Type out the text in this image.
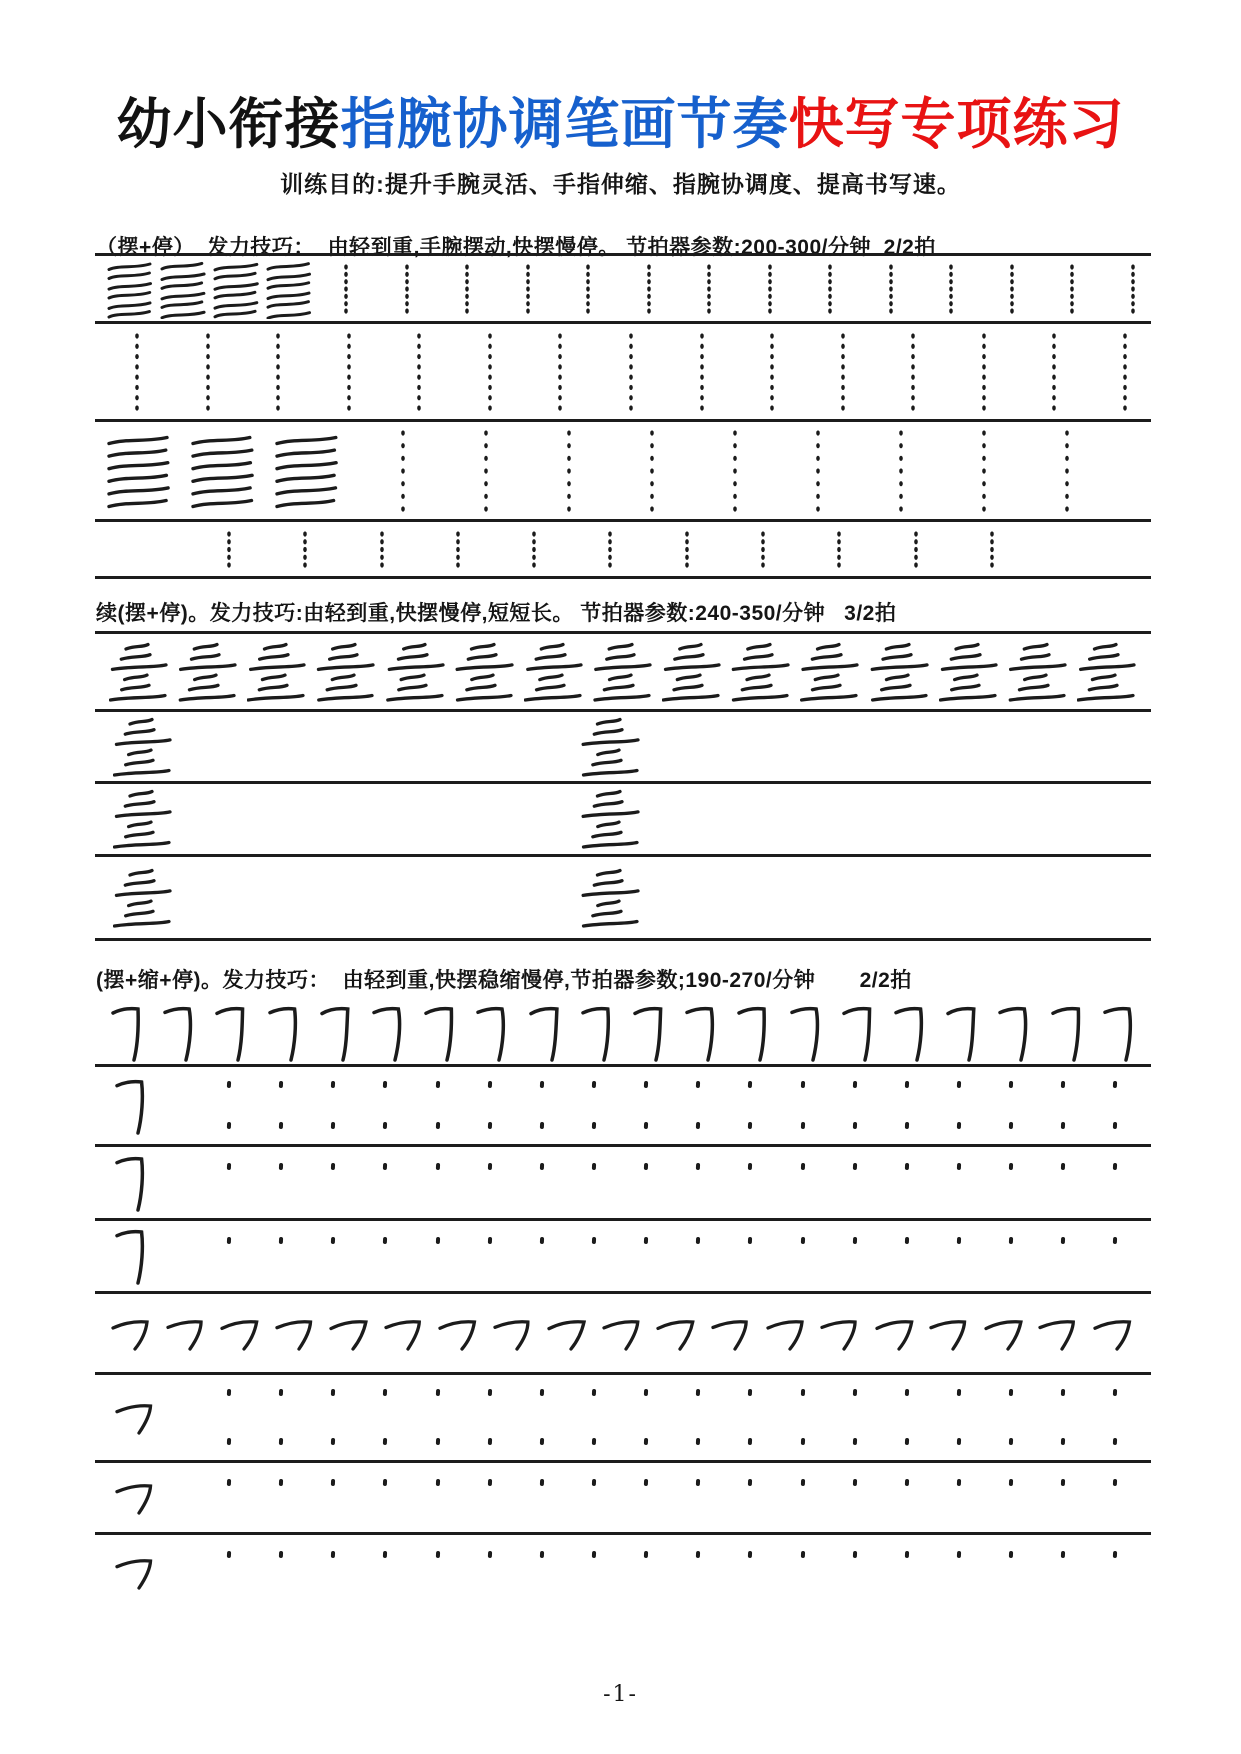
幼小衔接指腕协调笔画节奏快写专项练习
训练目的:提升手腕灵活、手指伸缩、指腕协调度、提高书写速。
（摆+停）  发力技巧：  由轻到重,手腕摆动,快摆慢停。 节拍器参数:200-300/分钟  2/2拍
续(摆+停)。发力技巧:由轻到重,快摆慢停,短短长。 节拍器参数:240-350/分钟   3/2拍
(摆+缩+停)。发力技巧：  由轻到重,快摆稳缩慢停,节拍器参数;190-270/分钟       2/2拍
-1-
